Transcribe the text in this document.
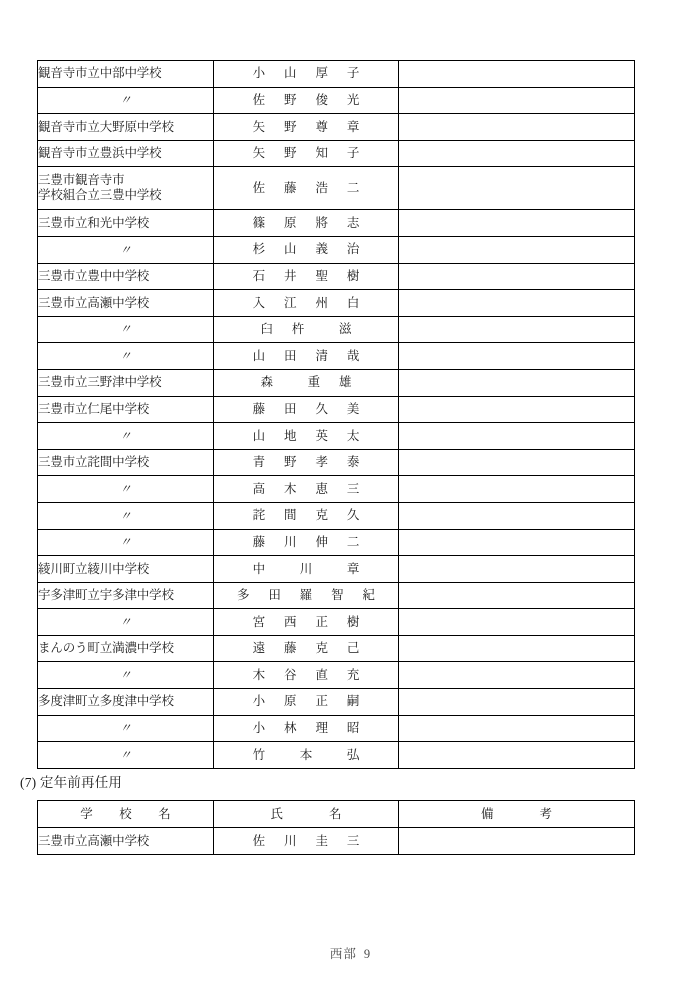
観音寺市立中部中学校	小　山　厚　子	
〃	佐　野　俊　光	
観音寺市立大野原中学校	矢　野　尊　章	
観音寺市立豊浜中学校	矢　野　知　子	

三豊市観音寺市
学校組合立三豊中学校	佐　藤　浩　二	
三豊市立和光中学校	篠　原　將　志	
〃	杉　山　義　治	
三豊市立豊中中学校	石　井　聖　樹	
三豊市立高瀬中学校	入　江　州　白	
〃	臼　杵　　滋	
〃	山　田　清　哉	
三豊市立三野津中学校	森　　重　雄	
三豊市立仁尾中学校	藤　田　久　美	
〃	山　地　英　太	
三豊市立詫間中学校	青　野　孝　泰	
〃	高　木　恵　三	
〃	詫　間　克　久	
〃	藤　川　伸　二	
綾川町立綾川中学校	中　　川　　章	
宇多津町立宇多津中学校	多　田　羅　智　紀	
〃	宮　西　正　樹	
まんのう町立満濃中学校	遠　藤　克　己	
〃	木　谷　直　充	
多度津町立多度津中学校	小　原　正　嗣	
〃	小　林　理　昭	
〃	竹　　本　　弘	
(7) 定年前再任用
学　校　名	氏　　名	備　　考
三豊市立高瀬中学校	佐　川　圭　三	
西部 9
